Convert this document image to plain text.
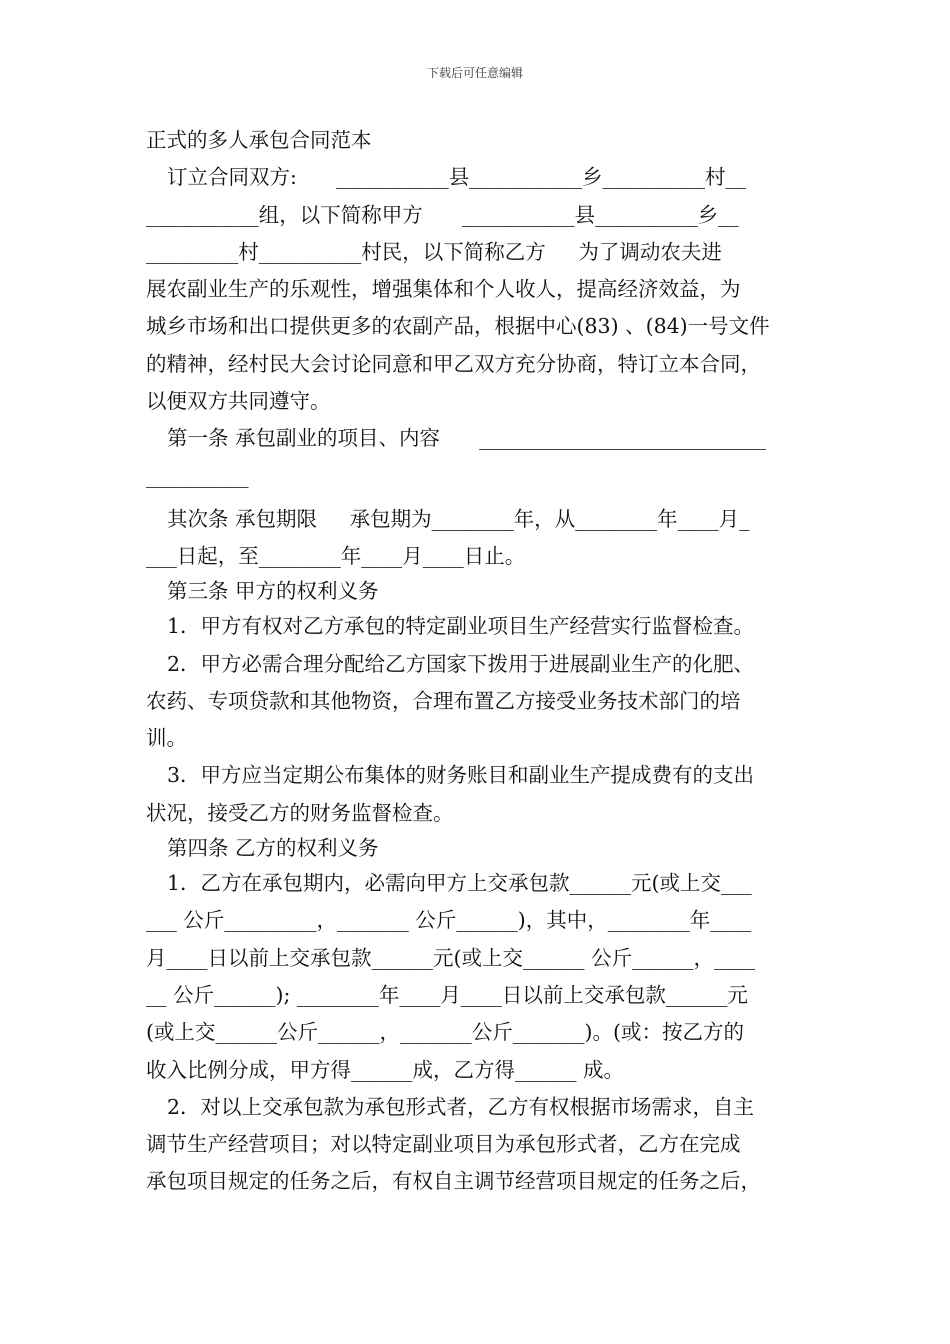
下载后可任意编辑
正式的多人承包合同范本
订立合同双方:      ___________县___________乡__________村__
___________组，以下简称甲方      ___________县__________乡__
_________村__________村民，以下简称乙方     为了调动农夫进
展农副业生产的乐观性，增强集体和个人收人，提高经济效益，为
城乡市场和出口提供更多的农副产品，根据中心(83) 、(84)一号文件
的精神，经村民大会讨论同意和甲乙双方充分协商，特订立本合同，
以便双方共同遵守。
第一条 承包副业的项目、内容      ____________________________
__________
其次条 承包期限     承包期为________年，从________年____月_
___日起，至________年____月____日止。
第三条 甲方的权利义务
1．甲方有权对乙方承包的特定副业项目生产经营实行监督检查。
2．甲方必需合理分配给乙方国家下拨用于进展副业生产的化肥、
农药、专项贷款和其他物资，合理布置乙方接受业务技术部门的培
训。
3．甲方应当定期公布集体的财务账目和副业生产提成费有的支出
状况，接受乙方的财务监督检查。
第四条 乙方的权利义务
1．乙方在承包期内，必需向甲方上交承包款______元(或上交___
___ 公斤_________，_______ 公斤______)，其中，________年____
月____日以前上交承包款______元(或上交______ 公斤______，____
__ 公斤______); ________年____月____日以前上交承包款______元
(或上交______公斤______，_______公斤_______)。(或：按乙方的
收入比例分成，甲方得______成，乙方得______ 成。
2．对以上交承包款为承包形式者，乙方有权根据市场需求，自主
调节生产经营项目；对以特定副业项目为承包形式者，乙方在完成
承包项目规定的任务之后，有权自主调节经营项目规定的任务之后，
